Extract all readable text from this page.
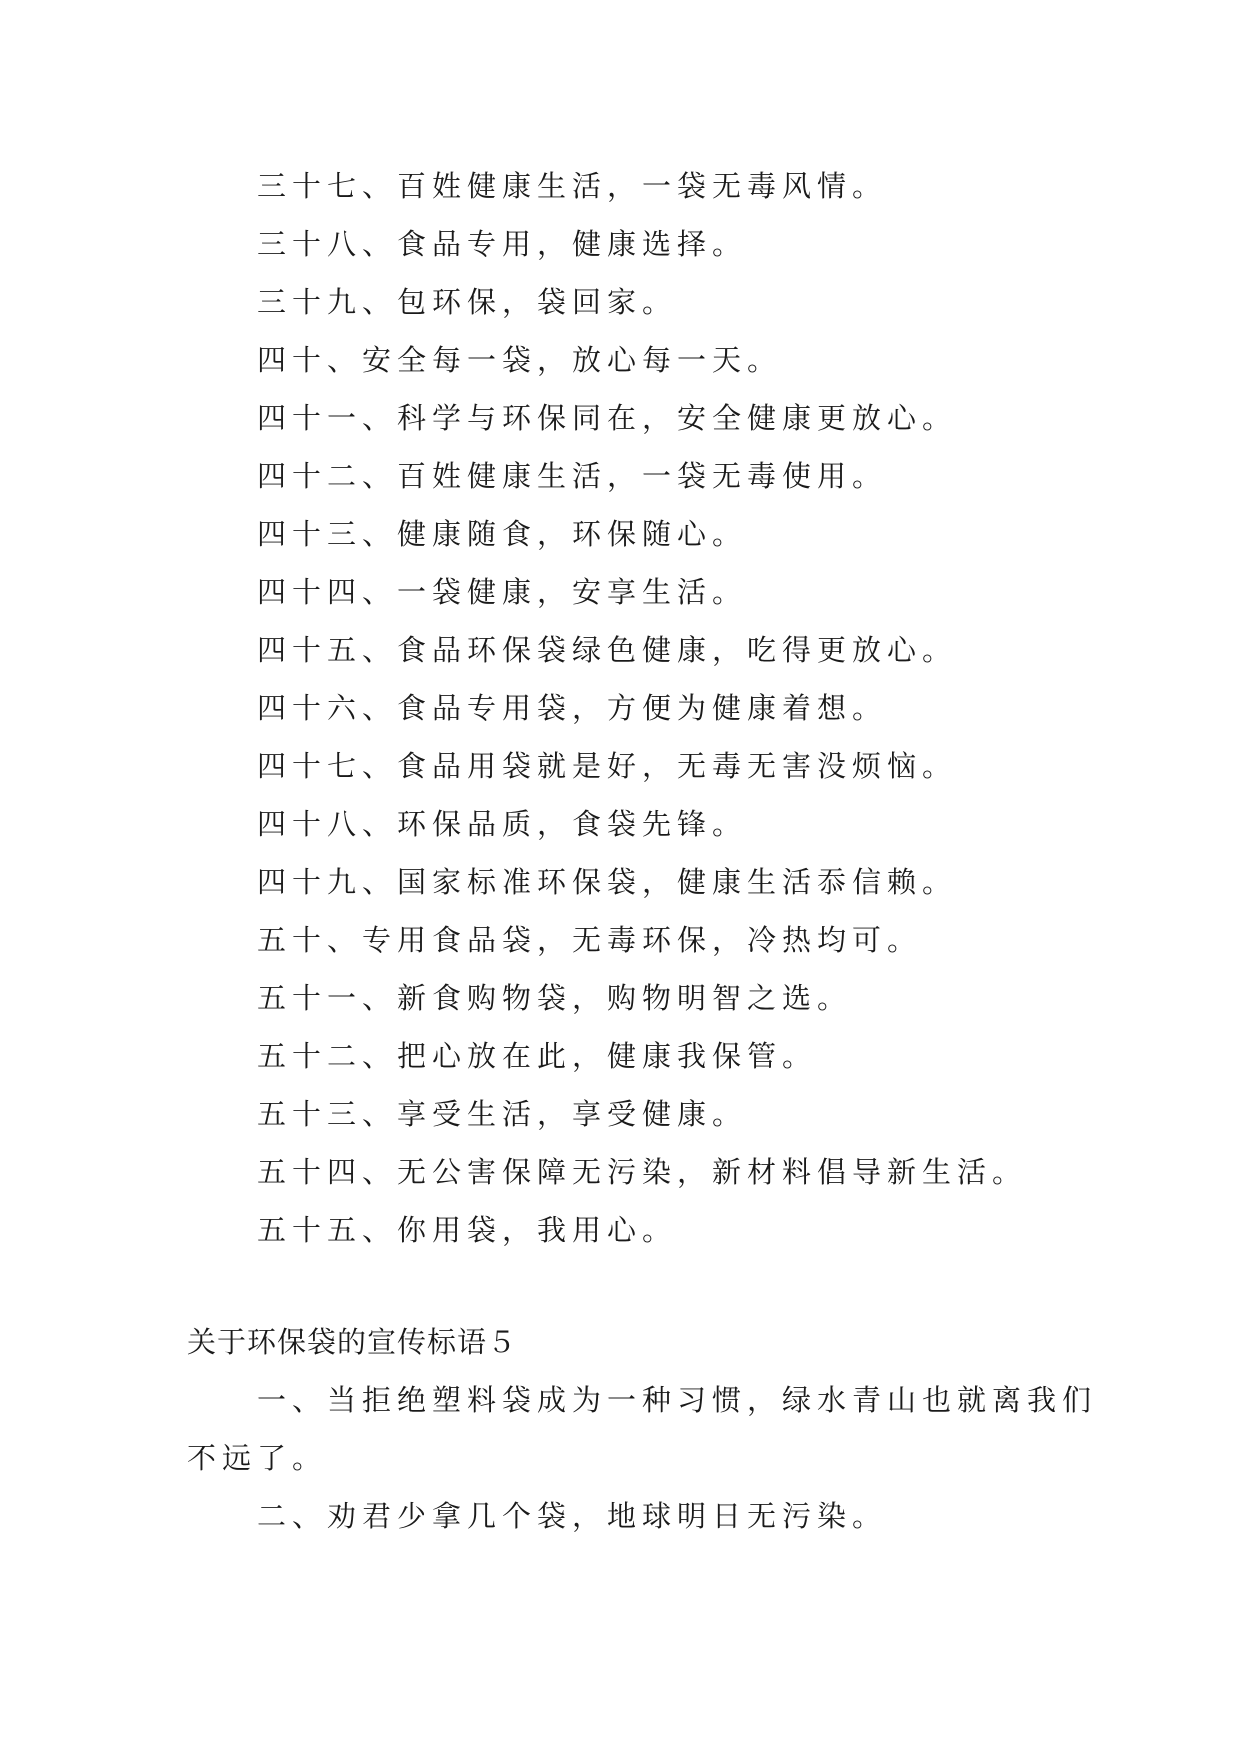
三十七、百姓健康生活，一袋无毒风情。
三十八、食品专用，健康选择。
三十九、包环保，袋回家。
四十、安全每一袋，放心每一天。
四十一、科学与环保同在，安全健康更放心。
四十二、百姓健康生活，一袋无毒使用。
四十三、健康随食，环保随心。
四十四、一袋健康，安享生活。
四十五、食品环保袋绿色健康，吃得更放心。
四十六、食品专用袋，方便为健康着想。
四十七、食品用袋就是好，无毒无害没烦恼。
四十八、环保品质，食袋先锋。
四十九、国家标准环保袋，健康生活忝信赖。
五十、专用食品袋，无毒环保，冷热均可。
五十一、新食购物袋，购物明智之选。
五十二、把心放在此，健康我保管。
五十三、享受生活，享受健康。
五十四、无公害保障无污染，新材料倡导新生活。
五十五、你用袋，我用心。
关于环保袋的宣传标语５
一、当拒绝塑料袋成为一种习惯，绿水青山也就离我们
不远了。
二、劝君少拿几个袋，地球明日无污染。
